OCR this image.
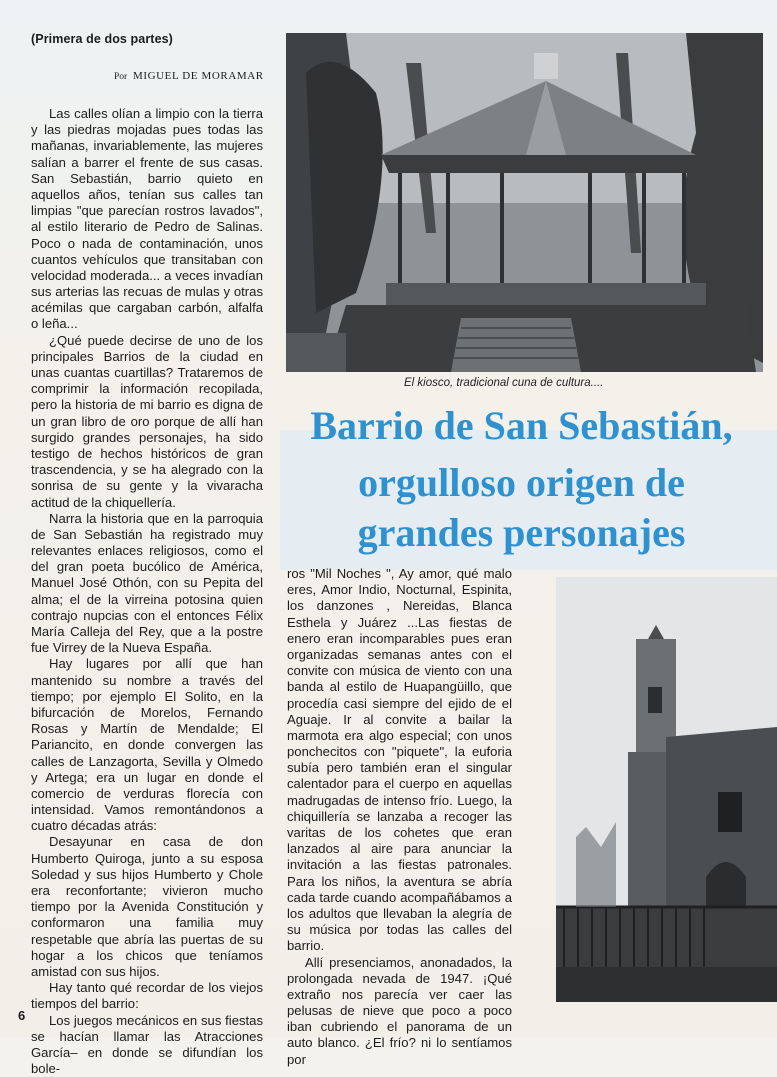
(Primera de dos partes)
Por MIGUEL DE MORAMAR

Las calles olían a limpio con la tierra y las piedras mojadas pues todas las mañanas, invariablemente, las mujeres salían a barrer el frente de sus casas. San Sebastián, barrio quieto en aquellos años, tenían sus calles tan limpias "que parecían rostros lavados", al estilo literario de Pedro de Salinas. Poco o nada de contaminación, unos cuantos vehículos que transitaban con velocidad moderada... a veces invadían sus arterias las recuas de mulas y otras acémilas que cargaban carbón, alfalfa o leña...

¿Qué puede decirse de uno de los principales Barrios de la ciudad en unas cuantas cuartillas? Trataremos de comprimir la información recopilada, pero la historia de mi barrio es digna de un gran libro de oro porque de allí han surgido grandes personajes, ha sido testigo de hechos históricos de gran trascendencia, y se ha alegrado con la sonrisa de su gente y la vivaracha actitud de la chiquellería.

Narra la historia que en la parroquia de San Sebastián ha registrado muy relevantes enlaces religiosos, como el del gran poeta bucólico de América, Manuel José Othón, con su Pepita del alma; el de la virreina potosina quien contrajo nupcias con el entonces Félix María Calleja del Rey, que a la postre fue Virrey de la Nueva España.

Hay lugares por allí que han mantenido su nombre a través del tiempo; por ejemplo El Solito, en la bifurcación de Morelos, Fernando Rosas y Martín de Mendalde; El Pariancito, en donde convergen las calles de Lanzagorta, Sevilla y Olmedo y Artega; era un lugar en donde el comercio de verduras florecía con intensidad. Vamos remontándonos a cuatro décadas atrás:

Desayunar en casa de don Humberto Quiroga, junto a su esposa Soledad y sus hijos Humberto y Chole era reconfortante; vivieron mucho tiempo por la Avenida Constitución y conformaron una familia muy respetable que abría las puertas de su hogar a los chicos que teníamos amistad con sus hijos.

Hay tanto qué recordar de los viejos tiempos del barrio:

Los juegos mecánicos en sus fiestas se hacían llamar las Atracciones García– en donde se difundían los bole-

El kiosco, tradicional cuna de cultura....
Barrio de San Sebastián,
orgulloso origen de
grandes personajes

ros "Mil Noches ", Ay amor, qué malo eres, Amor Indio, Nocturnal, Espinita, los danzones , Nereidas, Blanca Esthela y Juárez ...Las fiestas de enero eran incomparables pues eran organizadas semanas antes con el convite con música de viento con una banda al estilo de Huapangüillo, que procedía casi siempre del ejido de el Aguaje. Ir al convite a bailar la marmota era algo especial; con unos ponchecitos con "piquete", la euforia subía pero también eran el singular calentador para el cuerpo en aquellas madrugadas de intenso frío. Luego, la chiquillería se lanzaba a recoger las varitas de los cohetes que eran lanzados al aire para anunciar la invitación a las fiestas patronales. Para los niños, la aventura se abría cada tarde cuando acompañábamos a los adultos que llevaban la alegría de su música por todas las calles del barrio.

Allí presenciamos, anonadados, la prolongada nevada de 1947. ¡Qué extraño nos parecía ver caer las pelusas de nieve que poco a poco iban cubriendo el panorama de un auto blanco. ¿El frío? ni lo sentíamos por

6
